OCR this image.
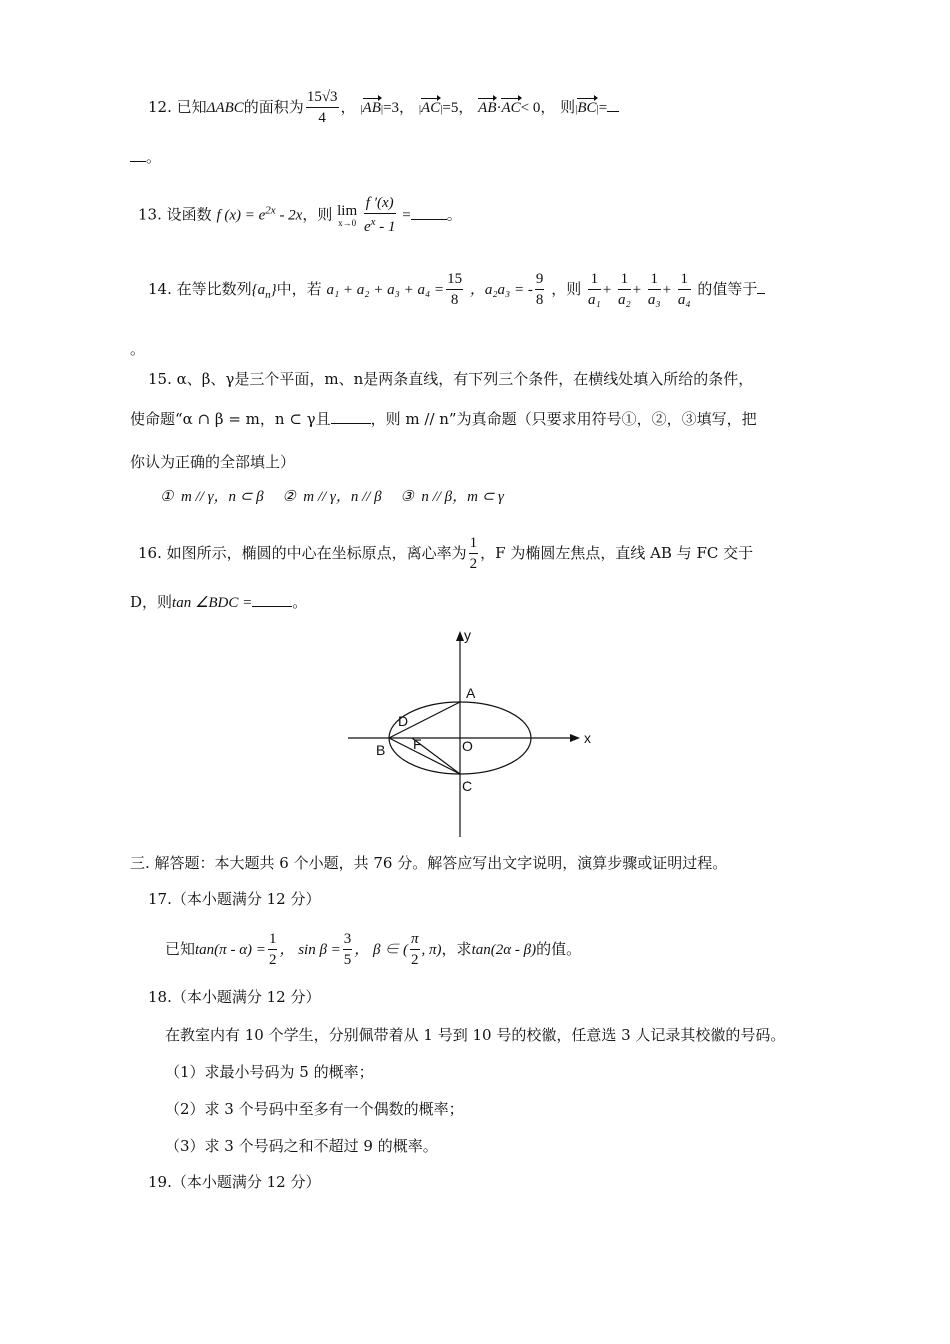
12. 已知ΔABC的面积为 $\frac{15√3}{4}$ ， |AB|=3， |AC|=5， AB·AC< 0， 则|BC|=
。
13. 设函数 f $(x) = e^{2x} - 2x$，则 lim
x→0
$\frac{f '(x)}{e^x - 1}$ = 。
14. 在等比数列$\{a_n\}$中，若 $a_1 + a_2 + a_3 + a_4 = \frac{15}{8}$ ，a₂a₃ = - $\frac{9}{8}$ ，则 $\frac{1}{\text{a₁}} + \frac{1}{\text{a₂}} + \frac{1}{\text{a₃}} + \frac{1}{\text{a₄}}$ 的值等于
。
15. α、β、γ是三个平面，m、n是两条直线，有下列三个条件，在横线处填入所给的条件，
使命题“α ∩ β = m，n ⊂ γ且	，则 m // n”为真命题（只要求用符号①，②，③填写，把
你认为正确的全部填上）
①  m // γ，n ⊂ β     ②  m // γ，n // β     ③  n // β，m ⊂ γ
16. 如图所示，椭圆的中心在坐标原点，离心率为 $\frac{1}{2}$ ，F 为椭圆左焦点，直线 AB 与 FC 交于
D，则tan ∠BDC =	。
y
x
A
B
C
D
F	O
三. 解答题：本大题共 6 个小题，共 76 分。解答应写出文字说明，演算步骤或证明过程。
17.（本小题满分 12 分）
已知$\tan(\pi - \alpha) = \frac{1}{2}$ ， $\sin \beta = \frac{3}{5}$ ， β ∈ ( $\frac{\pi}{2}$ , π)，求tan(2α - β)的值。
18.（本小题满分 12 分）
在教室内有 10 个学生，分别佩带着从 1 号到 10 号的校徽，任意选 3 人记录其校徽的号码。
（1）求最小号码为 5 的概率；
（2）求 3 个号码中至多有一个偶数的概率；
（3）求 3 个号码之和不超过 9 的概率。
19.（本小题满分 12 分）
